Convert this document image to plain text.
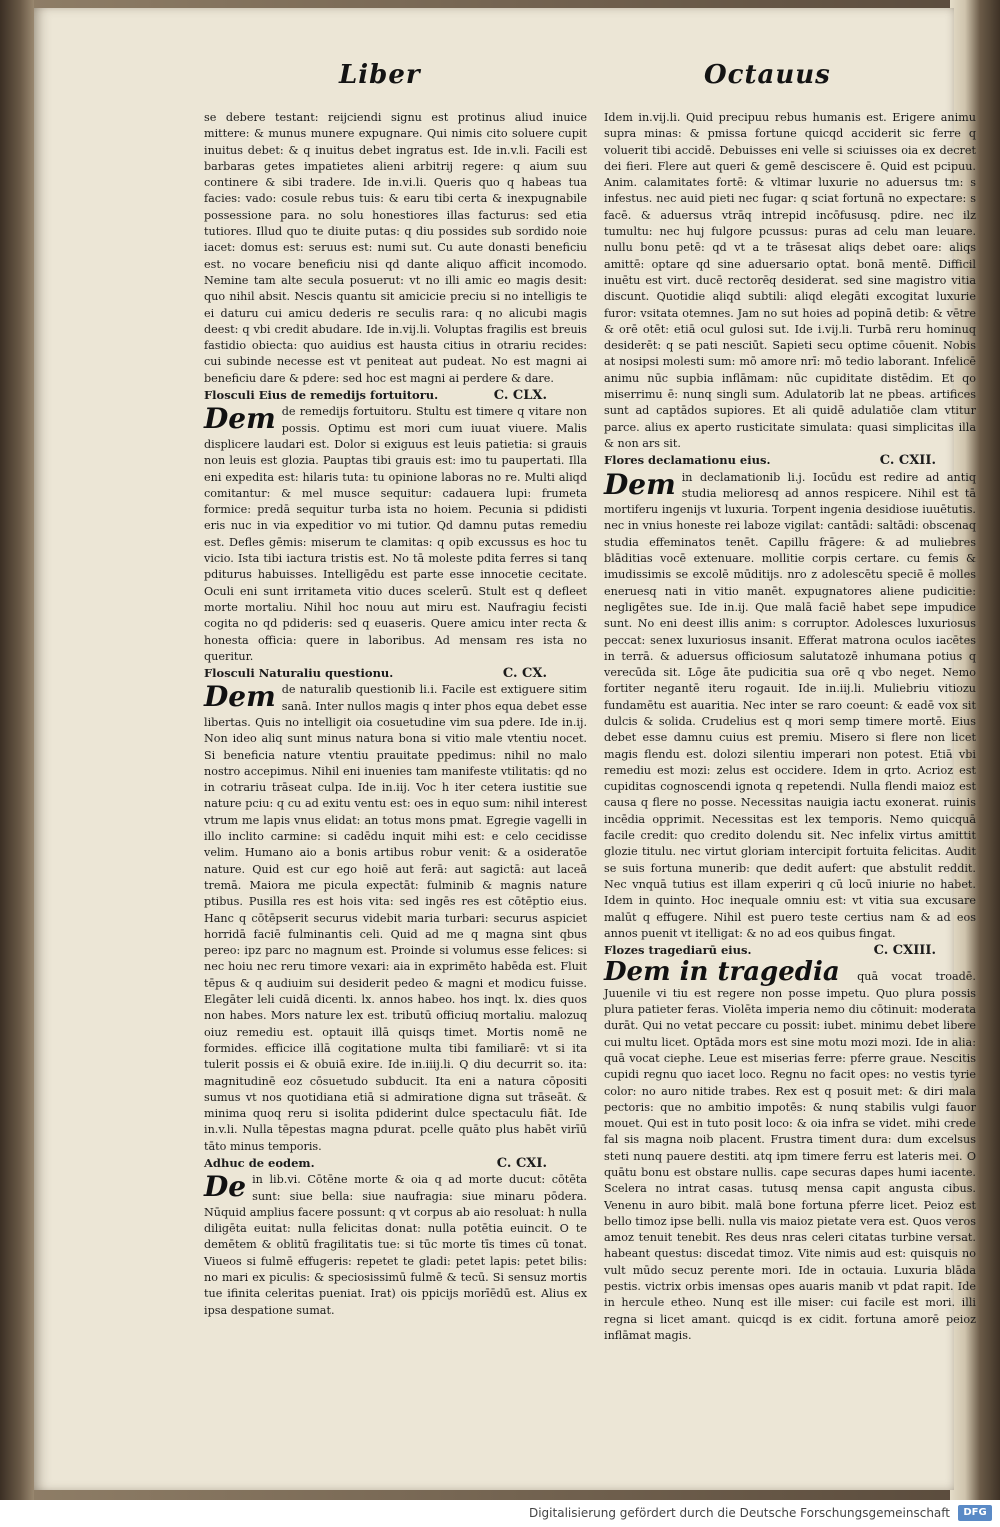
Liber	Octauus

se debere testant: reijciendi signu est protinus aliud inuice mittere: & munus munere expugnare. Qui nimis cito soluere cupit inuitus debet: & q inuitus debet ingratus est. Ide in.v.li. Facili est barbaras getes impatietes alieni arbitrij regere: q aium suu continere & sibi tradere. Ide in.vi.li. Queris quo q habeas tua facies: vado: cosule rebus tuis: & earu tibi certa & inexpugnabile possessione para. no solu honestiores illas facturus: sed etia tutiores. Illud quo te diuite putas: q diu possides sub sordido noie iacet: domus est: seruus est: numi sut. Cu aute donasti beneficiu est. no vocare beneficiu nisi qd dante aliquo afficit incomodo. Nemine tam alte secula posuerut: vt no illi amic eo magis desit: quo nihil absit. Nescis quantu sit amicicie preciu si no intelligis te ei daturu cui amicu dederis re seculis rara: q no alicubi magis deest: q vbi credit abudare. Ide in.vij.li. Voluptas fragilis est breuis fastidio obiecta: quo auidius est hausta citius in otrariu recides: cui subinde necesse est vt peniteat aut pudeat. No est magni ai beneficiu dare & pdere: sed hoc est magni ai perdere & dare.

Flosculi Eius de remedijs fortuitoru.	C. CLX.

Dem de remedijs fortuitoru. Stultu est timere q vitare non possis. Optimu est mori cum iuuat viuere. Malis displicere laudari est. Dolor si exiguus est leuis patietia: si grauis non leuis est glozia. Pauptas tibi grauis est: imo tu paupertati. Illa eni expedita est: hilaris tuta: tu opinione laboras no re. Multi aliqd comitantur: & mel musce sequitur: cadauera lupi: frumeta formice: predā sequitur turba ista no hoiem. Pecunia si pdidisti eris nuc in via expeditior vo mi tutior. Qd damnu putas remediu est. Defles gēmis: miserum te clamitas: q opib excussus es hoc tu vicio. Ista tibi iactura tristis est. No tā moleste pdita ferres si tanq pditurus habuisses. Intelligēdu est parte esse innocetie cecitate. Oculi eni sunt irritameta vitio duces scelerū. Stult est q defleet morte mortaliu. Nihil hoc nouu aut miru est. Naufragiu fecisti cogita no qd pdideris: sed q euaseris. Quere amicu inter recta & honesta officia: quere in laboribus. Ad mensam res ista no queritur.

Flosculi Naturaliu questionu.	C. CX.

Dem de naturalib questionib li.i. Facile est extiguere sitim sanā. Inter nullos magis q inter phos equa debet esse libertas. Quis no intelligit oia cosuetudine vim sua pdere. Ide in.ij. Non ideo aliq sunt minus natura bona si vitio male vtentiu nocet. Si beneficia nature vtentiu prauitate ppedimus: nihil no malo nostro accepimus. Nihil eni inuenies tam manifeste vtilitatis: qd no in cotrariu trāseat culpa. Ide in.iij. Voc h iter cetera iustitie sue nature pciu: q cu ad exitu ventu est: oes in equo sum: nihil interest vtrum me lapis vnus elidat: an totus mons pmat. Egregie vagelli in illo inclito carmine: si cadēdu inquit mihi est: e celo cecidisse velim. Humano aio a bonis artibus robur venit: & a osideratōe nature. Quid est cur ego hoiē aut ferā: aut sagictā: aut laceā tremā. Maiora me picula expectāt: fulminib & magnis nature ptibus. Pusilla res est hois vita: sed ingēs res est cōtēptio eius. Hanc q cōtēpserit securus videbit maria turbari: securus aspiciet horridā faciē fulminantis celi. Quid ad me q magna sint qbus pereo: ipz parc no magnum est. Proinde si volumus esse felices: si nec hoiu nec reru timore vexari: aia in exprimēto habēda est. Fluit tēpus & q audiuim sui desiderit pedeo & magni et modicu fuisse. Elegāter leli cuidā dicenti. lx. annos habeo. hos inqt. lx. dies quos non habes. Mors nature lex est. tributū officiuq mortaliu. malozuq oiuz remediu est. optauit illā quisqs timet. Mortis nomē ne formides. efficice illā cogitatione multa tibi familiarē: vt si ita tulerit possis ei & obuiā exire. Ide in.iiij.li. Q diu decurrit so. ita: magnitudinē eoz cōsuetudo subducit. Ita eni a natura cōpositi sumus vt nos quotidiana etiā si admiratione digna sut trāseāt. & minima quoq reru si isolita pdiderint dulce spectaculu fiāt. Ide in.v.li. Nulla tēpestas magna pdurat. pcelle quāto plus habēt virīū tāto minus temporis.

Adhuc de eodem.	C. CXI.

De in lib.vi. Cōtēne morte & oia q ad morte ducut: cōtēta sunt: siue bella: siue naufragia: siue minaru pōdera. Nūquid amplius facere possunt: q vt corpus ab aio resoluat: h nulla diligēta euitat: nulla felicitas donat: nulla potētia euincit. O te demētem & oblitū fragilitatis tue: si tūc morte tīs times cū tonat. Viueos si fulmē effugeris: repetet te gladi: petet lapis: petet bilis: no mari ex piculis: & speciosissimū fulmē & tecū. Si sensuz mortis tue ifinita celeritas pueniat. Irat) ois ppicijs morīēdū est. Alius ex ipsa despatione sumat.

Idem in.vij.li. Quid precipuu rebus humanis est. Erigere animu supra minas: & pmissa fortune quicqd acciderit sic ferre q voluerit tibi accidē. Debuisses eni velle si sciuisses oia ex decret dei fieri. Flere aut queri & gemē desciscere ē. Quid est pcipuu. Anim. calamitates fortē: & vltimar luxurie no aduersus tm: s infestus. nec auid pieti nec fugar: q sciat fortunā no expectare: s facē. & aduersus vtrāq intrepid incōfususq. pdire. nec ilz tumultu: nec huj fulgore pcussus: puras ad celu man leuare. nullu bonu petē: qd vt a te trāsesat aliqs debet oare: aliqs amittē: optare qd sine aduersario optat. bonā mentē. Difficil inuētu est virt. ducē rectorēq desiderat. sed sine magistro vitia discunt. Quotidie aliqd subtili: aliqd elegāti excogitat luxurie furor: vsitata otemnes. Jam no sut hoies ad popinā detib: & vētre & orē otēt: etiā ocul gulosi sut. Ide i.vij.li. Turbā reru hominuq desiderēt: q se pati nesciūt. Sapieti secu optime cōuenit. Nobis at nosipsi molesti sum: mō amore nrī: mō tedio laborant. Infelicē animu nūc supbia inflāmam: nūc cupiditate distēdim. Et qo miserrimu ē: nunq singli sum. Adulatorib lat ne pbeas. artifices sunt ad captādos supiores. Et ali quidē adulatiōe clam vtitur parce. alius ex aperto rusticitate simulata: quasi simplicitas illa & non ars sit.

Flores declamationu eius.	C. CXII.

Dem in declamationib li.j. Iocūdu est redire ad antiq studia melioresq ad annos respicere. Nihil est tā mortiferu ingenijs vt luxuria. Torpent ingenia desidiose iuuētutis. nec in vnius honeste rei laboze vigilat: cantādi: saltādi: obscenaq studia effeminatos tenēt. Capillu frāgere: & ad muliebres blāditias vocē extenuare. mollitie corpis certare. cu femis & imudissimis se excolē mūditijs. nro z adolescētu speciē ē molles eneruesq nati in vitio manēt. expugnatores aliene pudicitie: negligētes sue. Ide in.ij. Que malā faciē habet sepe impudice sunt. No eni deest illis anim: s corruptor. Adolesces luxuriosus peccat: senex luxuriosus insanit. Efferat matrona oculos iacētes in terrā. & aduersus officiosum salutatozē inhumana potius q verecūda sit. Lōge āte pudicitia sua orē q vbo neget. Nemo fortiter negantē iteru rogauit. Ide in.iij.li. Muliebriu vitiozu fundamētu est auaritia. Nec inter se raro coeunt: & eadē vox sit dulcis & solida. Crudelius est q mori semp timere mortē. Eius debet esse damnu cuius est premiu. Misero si flere non licet magis flendu est. dolozi silentiu imperari non potest. Etiā vbi remediu est mozi: zelus est occidere. Idem in qrto. Acrioz est cupiditas cognoscendi ignota q repetendi. Nulla flendi maioz est causa q flere no posse. Necessitas nauigia iactu exonerat. ruinis incēdia opprimit. Necessitas est lex temporis. Nemo quicquā facile credit: quo credito dolendu sit. Nec infelix virtus amittit glozie titulu. nec virtut gloriam intercipit fortuita felicitas. Audit se suis fortuna munerib: que dedit aufert: que abstulit reddit. Nec vnquā tutius est illam experiri q cū locū iniurie no habet. Idem in quinto. Hoc inequale omniu est: vt vitia sua excusare malūt q effugere. Nihil est puero teste certius nam & ad eos annos puenit vt itelligat: & no ad eos quibus fingat.

Flozes tragediarū eius.	C. CXIII.

Dem in tragedia quā vocat troadē. Juuenile vi tiu est regere non posse impetu. Quo plura possis plura patieter feras. Violēta imperia nemo diu cōtinuit: moderata durāt. Qui no vetat peccare cu possit: iubet. minimu debet libere cui multu licet. Optāda mors est sine motu mozi mozi. Ide in alia: quā vocat ciephe. Leue est miserias ferre: pferre graue. Nescitis cupidi regnu quo iacet loco. Regnu no facit opes: no vestis tyrie color: no auro nitide trabes. Rex est q posuit met: & diri mala pectoris: que no ambitio impotēs: & nunq stabilis vulgi fauor mouet. Qui est in tuto posit loco: & oia infra se videt. mihi crede fal sis magna noib placent. Frustra timent dura: dum excelsus steti nunq pauere destiti. atq ipm timere ferru est lateris mei. O quātu bonu est obstare nullis. cape securas dapes humi iacente. Scelera no intrat casas. tutusq mensa capit angusta cibus. Venenu in auro bibit. malā bone fortuna pferre licet. Peioz est bello timoz ipse belli. nulla vis maioz pietate vera est. Quos veros amoz tenuit tenebit. Res deus nras celeri citatas turbine versat. habeant questus: discedat timoz. Vite nimis aud est: quisquis no vult mūdo secuz perente mori. Ide in octauia. Luxuria blāda pestis. victrix orbis imensas opes auaris manib vt pdat rapit. Ide in hercule etheo. Nunq est ille miser: cui facile est mori. illi regna si licet amant. quicqd is ex cidit. fortuna amorē peioz inflāmat magis.

Digitalisierung gefördert durch die Deutsche Forschungsgemeinschaft	DFG
